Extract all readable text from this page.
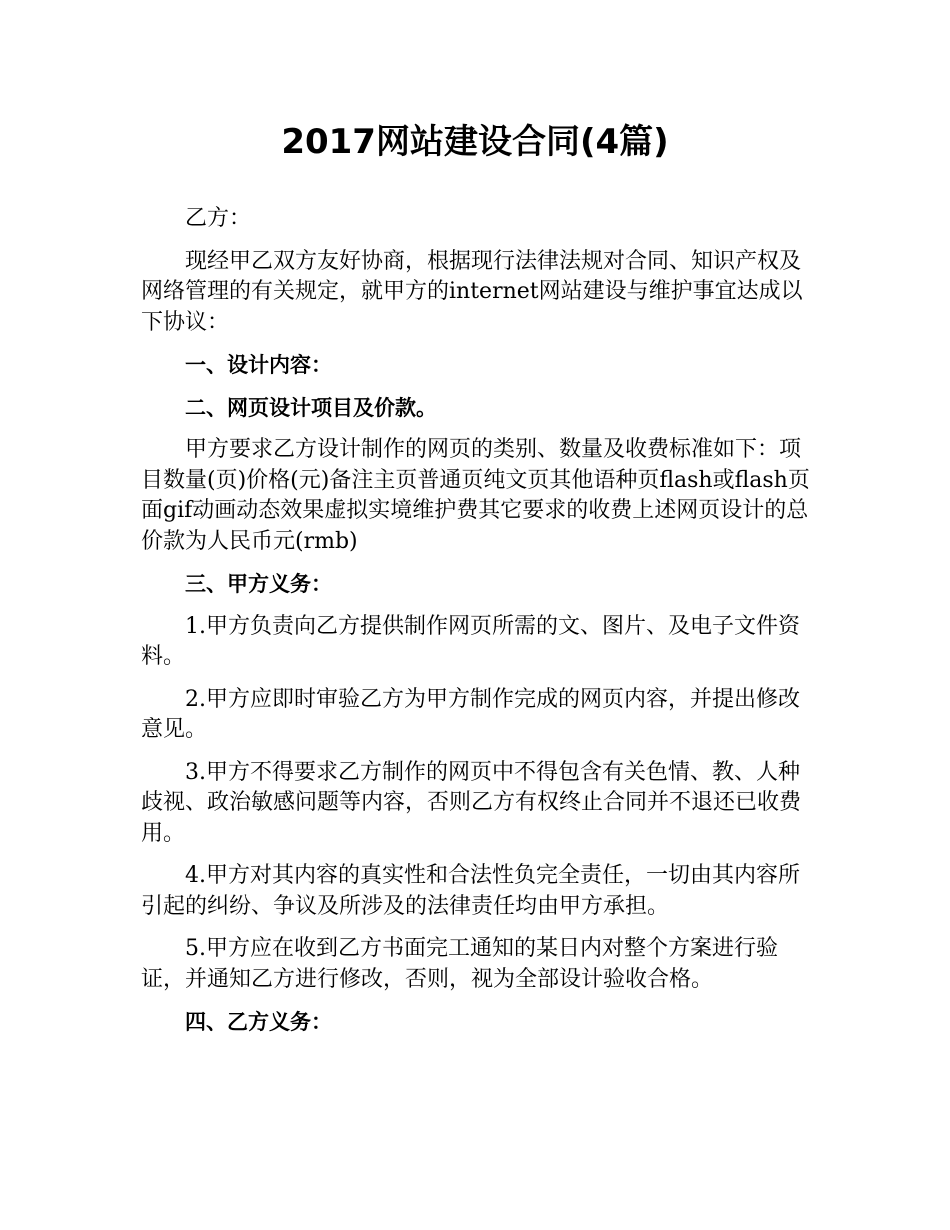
2017网站建设合同(4篇)

乙方：

现经甲乙双方友好协商，根据现行法律法规对合同、知识产权及网络管理的有关规定，就甲方的internet网站建设与维护事宜达成以下协议：

一、设计内容：

二、网页设计项目及价款。

甲方要求乙方设计制作的网页的类别、数量及收费标准如下：项目数量(页)价格(元)备注主页普通页纯文页其他语种页flash或flash页面gif动画动态效果虚拟实境维护费其它要求的收费上述网页设计的总价款为人民币元(rmb)

三、甲方义务：

1.甲方负责向乙方提供制作网页所需的文、图片、及电子文件资料。

2.甲方应即时审验乙方为甲方制作完成的网页内容，并提出修改意见。

3.甲方不得要求乙方制作的网页中不得包含有关色情、教、人种歧视、政治敏感问题等内容，否则乙方有权终止合同并不退还已收费用。

4.甲方对其内容的真实性和合法性负完全责任，一切由其内容所引起的纠纷、争议及所涉及的法律责任均由甲方承担。

5.甲方应在收到乙方书面完工通知的某日内对整个方案进行验证，并通知乙方进行修改，否则，视为全部设计验收合格。

四、乙方义务：
